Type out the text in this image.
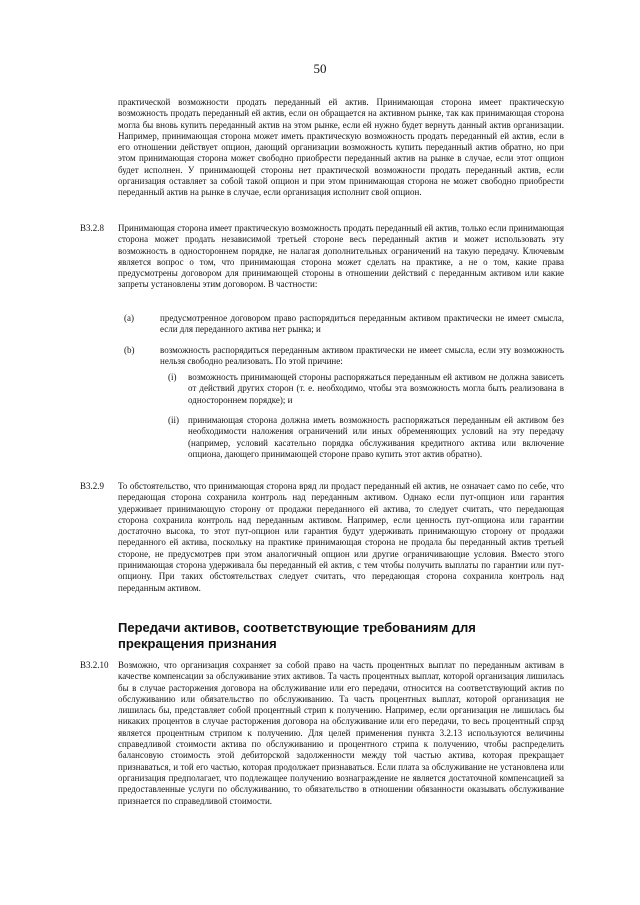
50
практической возможности продать переданный ей актив. Принимающая сторона имеет практическую возможность продать переданный ей актив, если он обращается на активном рынке, так как принимающая сторона могла бы вновь купить переданный актив на этом рынке, если ей нужно будет вернуть данный актив организации. Например, принимающая сторона может иметь практическую возможность продать переданный ей актив, если в его отношении действует опцион, дающий организации возможность купить переданный актив обратно, но при этом принимающая сторона может свободно приобрести переданный актив на рынке в случае, если этот опцион будет исполнен. У принимающей стороны нет практической возможности продать переданный актив, если организация оставляет за собой такой опцион и при этом принимающая сторона не может свободно приобрести переданный актив на рынке в случае, если организация исполнит свой опцион.
B3.2.8 Принимающая сторона имеет практическую возможность продать переданный ей актив, только если принимающая сторона может продать независимой третьей стороне весь переданный актив и может использовать эту возможность в одностороннем порядке, не налагая дополнительных ограничений на такую передачу. Ключевым является вопрос о том, что принимающая сторона может сделать на практике, а не о том, какие права предусмотрены договором для принимающей стороны в отношении действий с переданным активом или какие запреты установлены этим договором. В частности:
(a)	предусмотренное договором право распорядиться переданным активом практически не имеет смысла, если для переданного актива нет рынка; и
(b)	возможность распорядиться переданным активом практически не имеет смысла, если эту возможность нельзя свободно реализовать. По этой причине:
(i) возможность принимающей стороны распоряжаться переданным ей активом не должна зависеть от действий других сторон (т. е. необходимо, чтобы эта возможность могла быть реализована в одностороннем порядке); и
(ii) принимающая сторона должна иметь возможность распоряжаться переданным ей активом без необходимости наложения ограничений или иных обременяющих условий на эту передачу (например, условий касательно порядка обслуживания кредитного актива или включение опциона, дающего принимающей стороне право купить этот актив обратно).
B3.2.9 То обстоятельство, что принимающая сторона вряд ли продаст переданный ей актив, не означает само по себе, что передающая сторона сохранила контроль над переданным активом. Однако если пут-опцион или гарантия удерживает принимающую сторону от продажи переданного ей актива, то следует считать, что передающая сторона сохранила контроль над переданным активом. Например, если ценность пут-опциона или гарантии достаточно высока, то этот пут-опцион или гарантия будут удерживать принимающую сторону от продажи переданного ей актива, поскольку на практике принимающая сторона не продала бы переданный актив третьей стороне, не предусмотрев при этом аналогичный опцион или другие ограничивающие условия. Вместо этого принимающая сторона удерживала бы переданный ей актив, с тем чтобы получить выплаты по гарантии или пут-опциону. При таких обстоятельствах следует считать, что передающая сторона сохранила контроль над переданным активом.
Передачи активов, соответствующие требованиям для прекращения признания
B3.2.10 Возможно, что организация сохраняет за собой право на часть процентных выплат по переданным активам в качестве компенсации за обслуживание этих активов. Та часть процентных выплат, которой организация лишилась бы в случае расторжения договора на обслуживание или его передачи, относится на соответствующий актив по обслуживанию или обязательство по обслуживанию. Та часть процентных выплат, которой организация не лишилась бы, представляет собой процентный стрип к получению. Например, если организация не лишилась бы никаких процентов в случае расторжения договора на обслуживание или его передачи, то весь процентный спрэд является процентным стрипом к получению. Для целей применения пункта 3.2.13 используются величины справедливой стоимости актива по обслуживанию и процентного стрипа к получению, чтобы распределить балансовую стоимость этой дебиторской задолженности между той частью актива, которая прекращает признаваться, и той его частью, которая продолжает признаваться. Если плата за обслуживание не установлена или организация предполагает, что подлежащее получению вознаграждение не является достаточной компенсацией за предоставленные услуги по обслуживанию, то обязательство в отношении обязанности оказывать обслуживание признается по справедливой стоимости.
